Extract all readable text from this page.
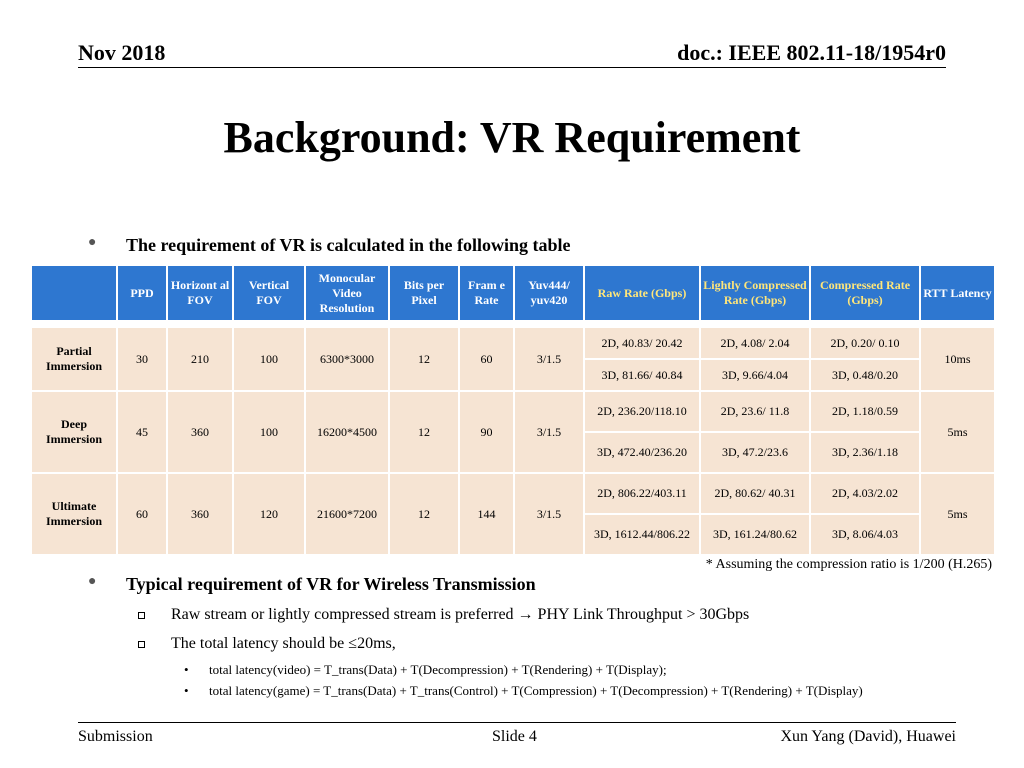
Nov 2018	doc.: IEEE 802.11-18/1954r0
Background: VR Requirement
● The requirement of VR is calculated in the following table
	PPD	Horizont al FOV	Vertical FOV	Monocular Video Resolution	Bits per Pixel	Fram e Rate	Yuv444/ yuv420	Raw Rate (Gbps)	Lightly Compressed Rate (Gbps)	Compressed Rate (Gbps)	RTT Latency

Partial Immersion	30	210	100	6300*3000	12	60	3/1.5	2D, 40.83/ 20.42	2D, 4.08/ 2.04	2D, 0.20/ 0.10	10ms
								3D, 81.66/ 40.84	3D, 9.66/4.04	3D, 0.48/0.20	
Deep Immersion	45	360	100	16200*4500	12	90	3/1.5	2D, 236.20/118.10	2D, 23.6/ 11.8	2D, 1.18/0.59	5ms
								3D, 472.40/236.20	3D, 47.2/23.6	3D, 2.36/1.18	
Ultimate Immersion	60	360	120	21600*7200	12	144	3/1.5	2D, 806.22/403.11	2D, 80.62/ 40.31	2D, 4.03/2.02	5ms
								3D, 1612.44/806.22	3D, 161.24/80.62	3D, 8.06/4.03	
* Assuming the compression ratio is 1/200 (H.265)
● Typical requirement of VR for Wireless Transmission
Raw stream or lightly compressed stream is preferred → PHY Link Throughput > 30Gbps
The total latency should be ≤20ms,
• total latency(video) = T_trans(Data) + T(Decompression) + T(Rendering) + T(Display);
• total latency(game) = T_trans(Data) + T_trans(Control) + T(Compression) + T(Decompression) + T(Rendering) + T(Display)
Submission	Slide 4	Xun Yang (David), Huawei
